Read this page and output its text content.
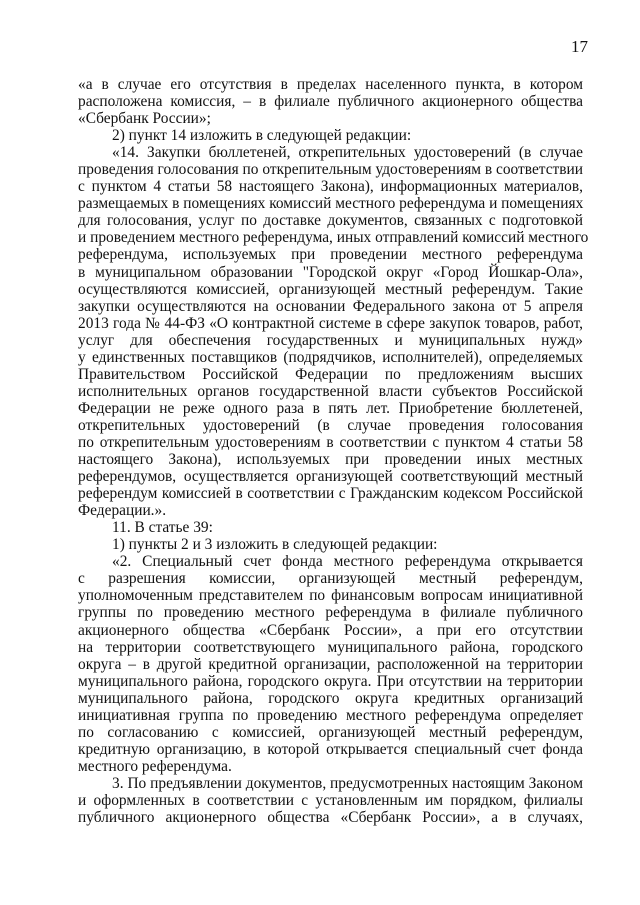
17
«а в случае его отсутствия в пределах населенного пункта, в котором
расположена комиссия, – в филиале публичного акционерного общества
«Сбербанк России»;
2) пункт 14 изложить в следующей редакции:
«14. Закупки бюллетеней, открепительных удостоверений (в случае
проведения голосования по открепительным удостоверениям в соответствии
с пунктом 4 статьи 58 настоящего Закона), информационных материалов,
размещаемых в помещениях комиссий местного референдума и помещениях
для голосования, услуг по доставке документов, связанных с подготовкой
и проведением местного референдума, иных отправлений комиссий местного
референдума, используемых при проведении местного референдума
в муниципальном образовании "Городской округ «Город Йошкар-Ола»,
осуществляются комиссией, организующей местный референдум. Такие
закупки осуществляются на основании Федерального закона от 5 апреля
2013 года № 44-ФЗ «О контрактной системе в сфере закупок товаров, работ,
услуг для обеспечения государственных и муниципальных нужд»
у единственных поставщиков (подрядчиков, исполнителей), определяемых
Правительством Российской Федерации по предложениям высших
исполнительных органов государственной власти субъектов Российской
Федерации не реже одного раза в пять лет. Приобретение бюллетеней,
открепительных удостоверений (в случае проведения голосования
по открепительным удостоверениям в соответствии с пунктом 4 статьи 58
настоящего Закона), используемых при проведении иных местных
референдумов, осуществляется организующей соответствующий местный
референдум комиссией в соответствии с Гражданским кодексом Российской
Федерации.».
11. В статье 39:
1) пункты 2 и 3 изложить в следующей редакции:
«2. Специальный счет фонда местного референдума открывается
с разрешения комиссии, организующей местный референдум,
уполномоченным представителем по финансовым вопросам инициативной
группы по проведению местного референдума в филиале публичного
акционерного общества «Сбербанк России», а при его отсутствии
на территории соответствующего муниципального района, городского
округа – в другой кредитной организации, расположенной на территории
муниципального района, городского округа. При отсутствии на территории
муниципального района, городского округа кредитных организаций
инициативная группа по проведению местного референдума определяет
по согласованию с комиссией, организующей местный референдум,
кредитную организацию, в которой открывается специальный счет фонда
местного референдума.
3. По предъявлении документов, предусмотренных настоящим Законом
и оформленных в соответствии с установленным им порядком, филиалы
публичного акционерного общества «Сбербанк России», а в случаях,
